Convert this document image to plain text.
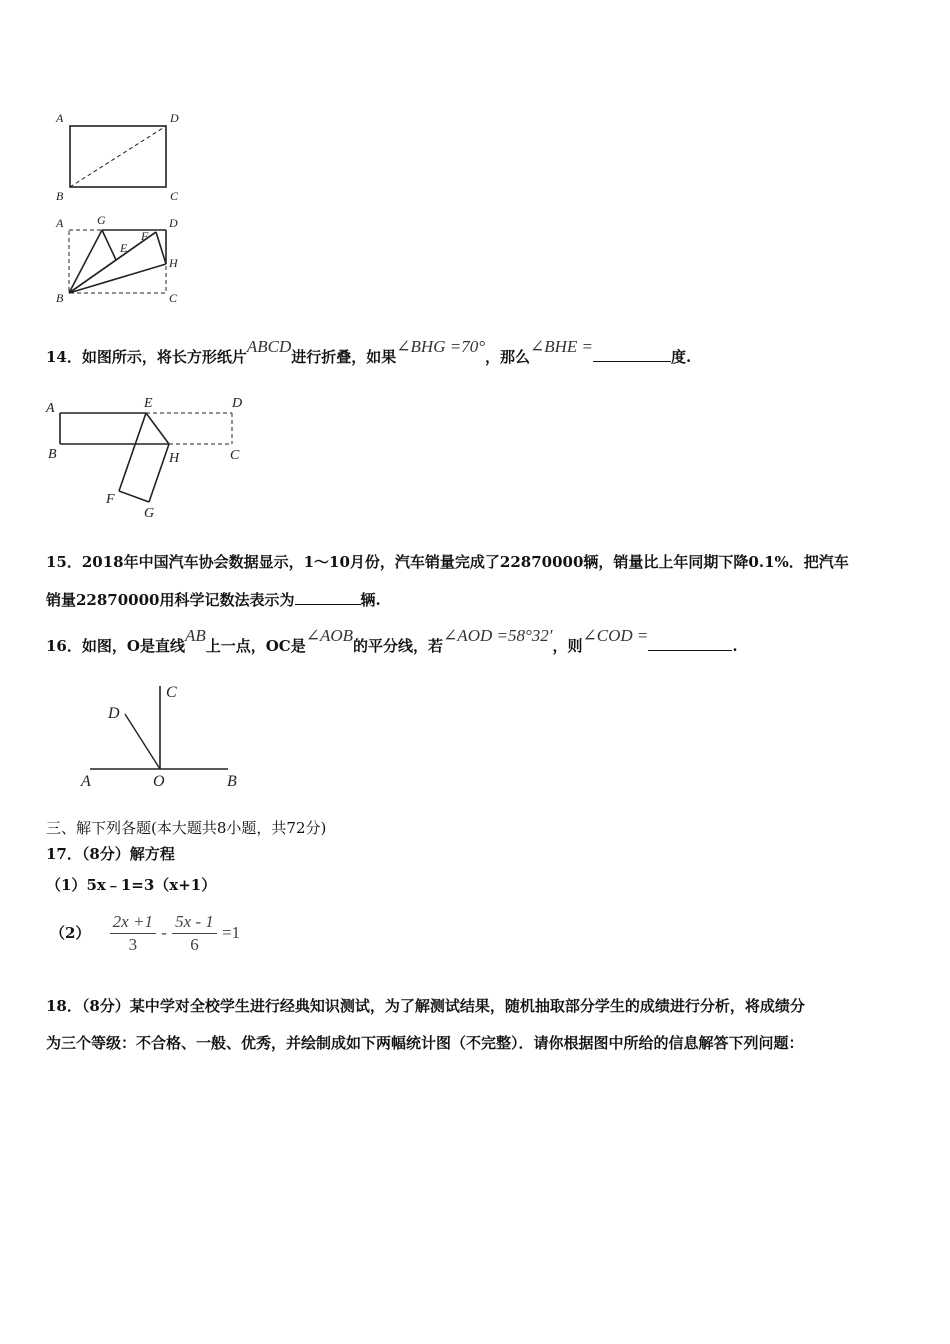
A	D
B	C
A	G	D
E
F
H
B	C
14．如图所示，将长方形纸片ABCD进行折叠，如果∠BHG =70°，那么∠BHE =度.
A	E	D
B	H	C
F
G
15．2018年中国汽车协会数据显示，1～10月份，汽车销量完成了22870000辆，销量比上年同期下降0.1%．把汽车
销量22870000用科学记数法表示为	辆.
16．如图，O是直线AB上一点，OC是∠AOB的平分线，若∠AOD =58°32′，则∠COD =.
C
D
A	O	B
三、解下列各题(本大题共8小题，共72分)
17．（8分）解方程
（1）5x﹣1=3（x+1）
$(2) \frac{2x +1}{3} - \frac{5x - 1}{6} =1$
18．（8分）某中学对全校学生进行经典知识测试，为了解测试结果，随机抽取部分学生的成绩进行分析，将成绩分
为三个等级：不合格、一般、优秀，并绘制成如下两幅统计图（不完整）．请你根据图中所给的信息解答下列问题：
